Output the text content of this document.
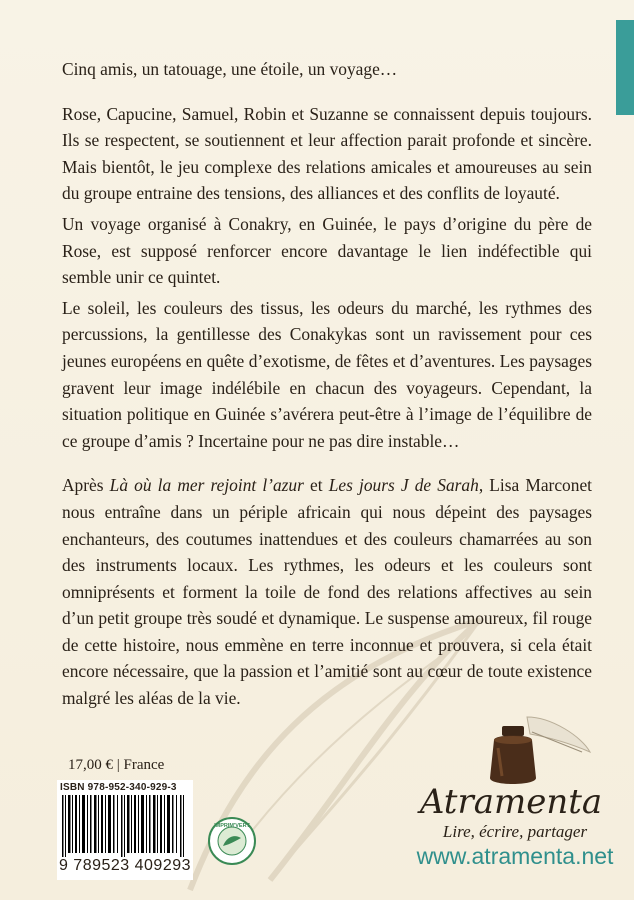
Cinq amis, un tatouage, une étoile, un voyage…

Rose, Capucine, Samuel, Robin et Suzanne se connaissent depuis toujours. Ils se respectent, se soutiennent et leur affection parait profonde et sincère. Mais bientôt, le jeu complexe des relations amicales et amoureuses au sein du groupe entraine des tensions, des alliances et des conflits de loyauté.

Un voyage organisé à Conakry, en Guinée, le pays d’origine du père de Rose, est supposé renforcer encore davantage le lien indéfectible qui semble unir ce quintet.

Le soleil, les couleurs des tissus, les odeurs du marché, les rythmes des percussions, la gentillesse des Conakykas sont un ravissement pour ces jeunes européens en quête d’exotisme, de fêtes et d’aventures. Les paysages gravent leur image indélébile en chacun des voyageurs. Cependant, la situation politique en Guinée s’avérera peut-être à l’image de l’équilibre de ce groupe d’amis ? Incertaine pour ne pas dire instable…

Après Là où la mer rejoint l’azur et Les jours J de Sarah, Lisa Marconet nous entraîne dans un périple africain qui nous dépeint des paysages enchanteurs, des coutumes inattendues et des couleurs chamarrées au son des instruments locaux. Les rythmes, les odeurs et les couleurs sont omniprésents et forment la toile de fond des relations affectives au sein d’un petit groupe très soudé et dynamique. Le suspense amoureux, fil rouge de cette histoire, nous emmène en terre inconnue et prouvera, si cela était encore nécessaire, que la passion et l’amitié sont au cœur de toute existence malgré les aléas de la vie.

17,00 € | France
ISBN 978-952-340-929-3
9 789523 409293
IMPRIM'VERT
Atramenta
Lire, écrire, partager
www.atramenta.net
